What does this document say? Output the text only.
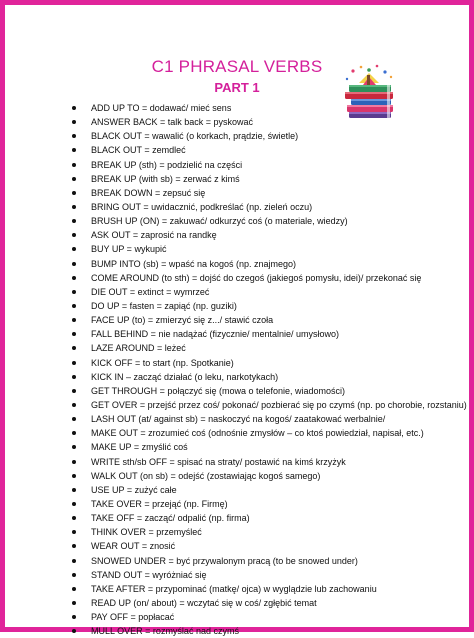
C1 PHRASAL VERBS
PART 1
ADD UP TO = dodawać/ mieć sens
ANSWER BACK = talk back = pyskować
BLACK OUT = wawalić (o korkach, prądzie, świetle)
BLACK OUT = zemdleć
BREAK UP (sth) = podzielić na części
BREAK UP (with sb) = zerwać z kimś
BREAK DOWN = zepsuć się
BRING OUT = uwidacznić, podkreślać (np. zieleń oczu)
BRUSH UP (ON) = zakuwać/ odkurzyć coś (o materiale, wiedzy)
ASK OUT = zaprosić na randkę
BUY UP = wykupić
BUMP INTO (sb) = wpaść na kogoś (np. znajmego)
COME AROUND (to sth) = dojść do czegoś (jakiegoś pomysłu, idei)/ przekonać się
DIE OUT = extinct = wymrzeć
DO UP = fasten = zapiąć (np. guziki)
FACE UP (to) = zmierzyć się z.../ stawić czoła
FALL BEHIND = nie nadążać (fizycznie/ mentalnie/ umysłowo)
LAZE AROUND = leżeć
KICK OFF = to start (np. Spotkanie)
KICK IN – zacząć działać (o leku, narkotykach)
GET THROUGH = połączyć się (mowa o telefonie, wiadomości)
GET OVER = przejść przez coś/ pokonać/ pozbierać się po czymś (np. po chorobie, rozstaniu)
LASH OUT (at/ against sb) = naskoczyć na kogoś/ zaatakować werbalnie/
MAKE OUT = zrozumieć coś (odnośnie zmysłów – co ktoś powiedział, napisał, etc.)
MAKE UP = zmyślić coś
WRITE sth/sb OFF = spisać na straty/ postawić na kimś krzyżyk
WALK OUT (on sb) = odejść (zostawiając kogoś samego)
USE UP = zużyć całe
TAKE OVER = przejąć (np. Firmę)
TAKE OFF = zacząć/ odpalić (np. firma)
THINK OVER = przemyśleć
WEAR OUT = znosić
SNOWED UNDER = być przywalonym pracą (to be snowed under)
STAND OUT = wyróżniać się
TAKE AFTER = przypominać (matkę/ ojca) w wyglądzie lub zachowaniu
READ UP (on/ about) = wczytać się w coś/ zgłębić temat
PAY OFF = popłacać
MULL OVER = rozmyślać nad czymś
